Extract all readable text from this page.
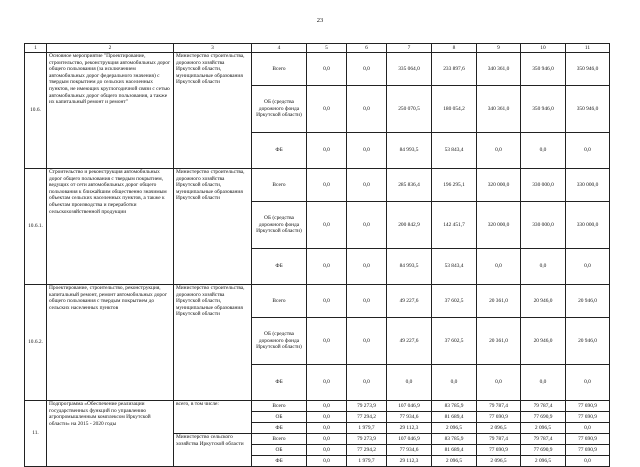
23
1	2	3	4	5	6	7	8	9	10	11
10.6.	Основное мероприятие "Проектирование, строительство, реконструкция автомобильных дорог общего пользования (за исключением автомобильных дорог федерального значения) с твердым покрытием до сельских населенных пунктов, не имеющих круглогодичной связи с сетью автомобильных дорог общего пользования, а также их капитальный ремонт и ремонт"	Министерство строительства, дорожного хозяйства Иркутской области, муниципальные образования Иркутской области	Всего	0,0	0,0	335 064,0	233 897,6	340 361,0	350 946,0	350 946,0
			ОБ (средства дорожного фонда Иркутской области)	0,0	0,0	250 070,5	180 054,2	340 361,0	350 946,0	350 946,0
			ФБ	0,0	0,0	84 993,5	53 843,4	0,0	0,0	0,0
10.6.1.	Строительство и реконструкция автомобильных дорог общего пользования с твердым покрытием, ведущих от сети автомобильных дорог общего пользования к ближайшим общественно значимым объектам сельских населенных пунктов, а также к объектам производства и переработки сельскохозяйственной продукции	Министерство строительства, дорожного хозяйства Иркутской области, муниципальные образования Иркутской области	Всего	0,0	0,0	285 836,4	196 295,1	320 000,0	330 000,0	330 000,0
			ОБ (средства дорожного фонда Иркутской области)	0,0	0,0	200 842,9	142 451,7	320 000,0	330 000,0	330 000,0
			ФБ	0,0	0,0	84 993,5	53 843,4	0,0	0,0	0,0
10.6.2.	Проектирование, строительство, реконструкция, капитальный ремонт, ремонт автомобильных дорог общего пользования с твердым покрытием до сельских населенных пунктов	Министерство строительства, дорожного хозяйства Иркутской области, муниципальные образования Иркутской области	Всего	0,0	0,0	49 227,6	37 602,5	20 361,0	20 946,0	20 946,0
			ОБ (средства дорожного фонда Иркутской области)	0,0	0,0	49 227,6	37 602,5	20 361,0	20 946,0	20 946,0
			ФБ	0,0	0,0	0,0	0,0	0,0	0,0	0,0
11.	Подпрограмма «Обеспечение реализации государственных функций по управлению агропромышленным комплексом Иркутской области» на 2015 - 2020 годы	всего, в том числе:	Всего	0,0	79 273,9	107 046,9	83 785,9	79 787,4	79 787,4	77 690,9
			ОБ	0,0	77 294,2	77 934,6	81 689,4	77 690,9	77 690,9	77 690,9
			ФБ	0,0	1 979,7	29 112,3	2 096,5	2 096,5	2 096,5	0,0
		Министерство сельского хозяйства Иркутской области	Всего	0,0	79 273,9	107 046,9	83 785,9	79 787,4	79 787,4	77 690,9
			ОБ	0,0	77 294,2	77 934,6	81 689,4	77 690,9	77 690,9	77 690,9
			ФБ	0,0	1 979,7	29 112,3	2 096,5	2 096,5	2 096,5	0,0
